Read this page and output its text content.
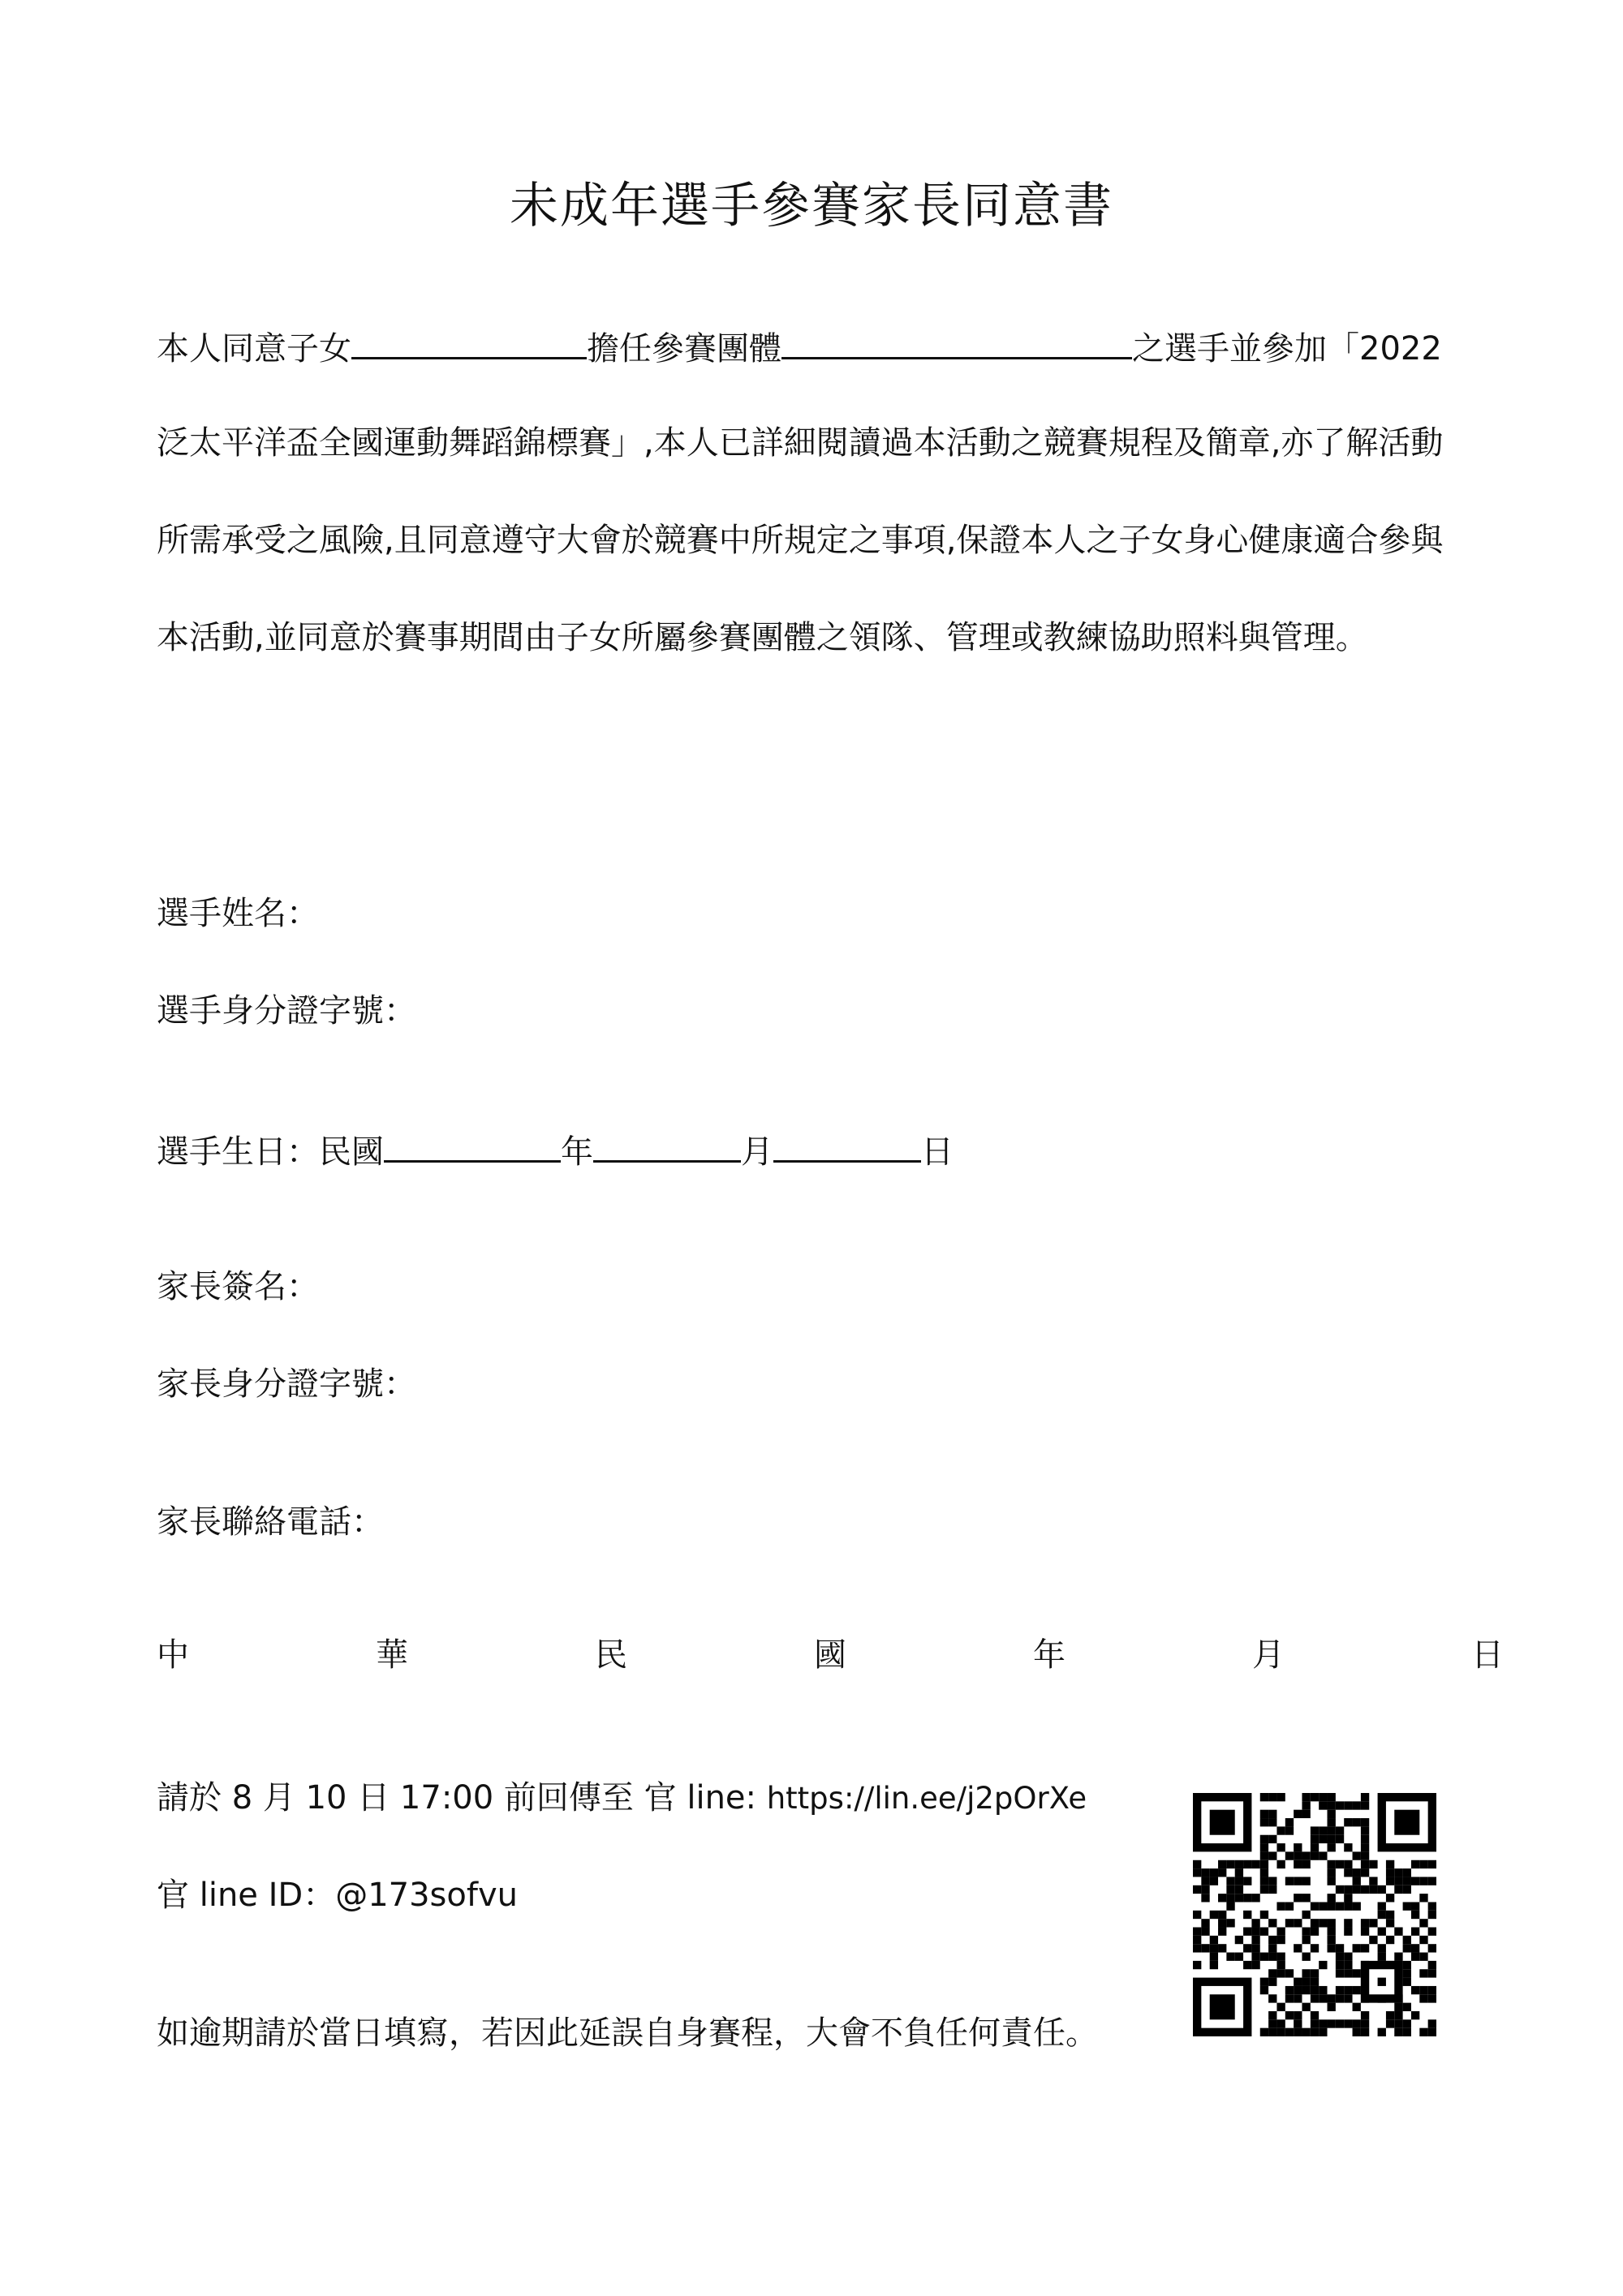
未成年選手參賽家長同意書
本人同意子女	擔任參賽團體	之選手並參加「2022
泛太平洋盃全國運動舞蹈錦標賽」,本人已詳細閱讀過本活動之競賽規程及簡章,亦了解活動
所需承受之風險,且同意遵守大會於競賽中所規定之事項,保證本人之子女身心健康適合參與
本活動,並同意於賽事期間由子女所屬參賽團體之領隊、管理或教練協助照料與管理。
選手姓名：
選手身分證字號：
選手生日：民國	年	月	日
家長簽名：
家長身分證字號：
家長聯絡電話：
中	華	民	國	年	月	日
請於 8 月 10 日 17:00 前回傳至 官 line: https://lin.ee/j2pOrXe
官 line ID：@173sofvu
如逾期請於當日填寫，若因此延誤自身賽程，大會不負任何責任。
